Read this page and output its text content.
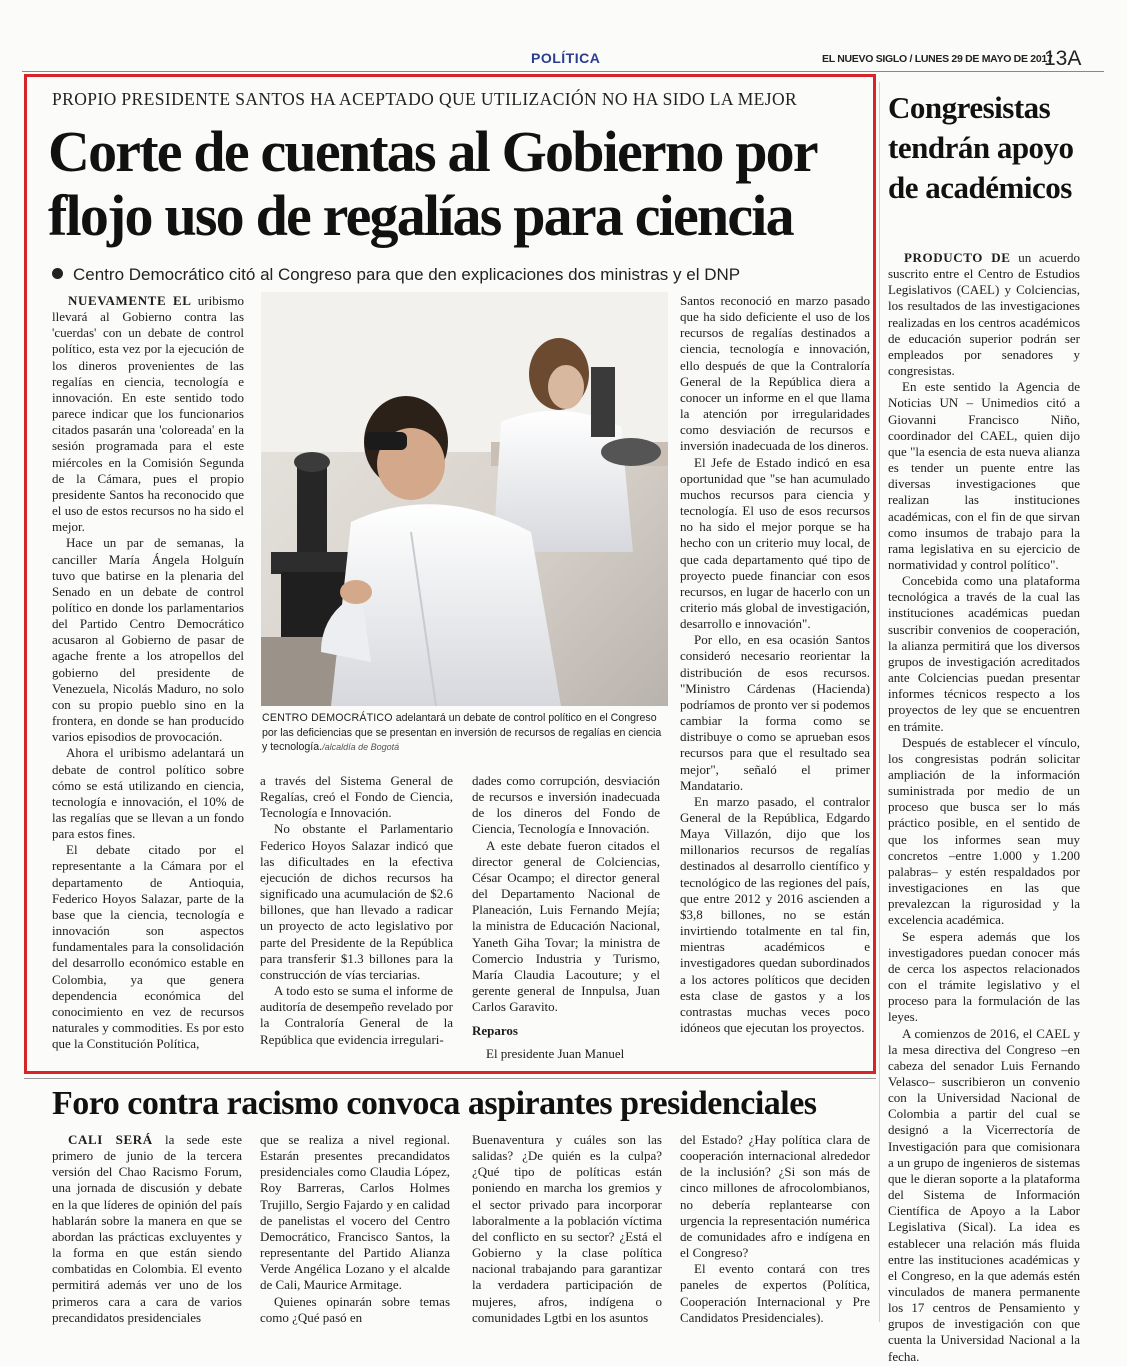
POLÍTICA	EL NUEVO SIGLO / LUNES 29 DE MAYO DE 2017
13A
PROPIO PRESIDENTE SANTOS HA ACEPTADO QUE UTILIZACIÓN NO HA SIDO LA MEJOR
Corte de cuentas al Gobierno por flojo uso de regalías para ciencia
Centro Democrático citó al Congreso para que den explicaciones dos ministras y el DNP

NUEVAMENTE EL uribismo llevará al Gobierno contra las 'cuerdas' con un debate de control político, esta vez por la ejecución de los dineros provenientes de las regalías en ciencia, tecnología e innovación. En este sentido todo parece indicar que los funcionarios citados pasarán una 'coloreada' en la sesión programada para el este miércoles en la Comisión Segunda de la Cámara, pues el propio presidente Santos ha reconocido que el uso de estos recursos no ha sido el mejor.

Hace un par de semanas, la canciller María Ángela Holguín tuvo que batirse en la plenaria del Senado en un debate de control político en donde los parlamentarios del Partido Centro Democrático acusaron al Gobierno de pasar de agache frente a los atropellos del gobierno del presidente de Venezuela, Nicolás Maduro, no solo con su propio pueblo sino en la frontera, en donde se han producido varios episodios de provocación.

Ahora el uribismo adelantará un debate de control político sobre cómo se está utilizando en ciencia, tecnología e innovación, el 10% de las regalías que se llevan a un fondo para estos fines.

El debate citado por el representante a la Cámara por el departamento de Antioquia, Federico Hoyos Salazar, parte de la base que la ciencia, tecnología e innovación son aspectos fundamentales para la consolidación del desarrollo económico estable en Colombia, ya que genera dependencia económica del conocimiento en vez de recursos naturales y commodities. Es por esto que la Constitución Política,

CENTRO DEMOCRÁTICO adelantará un debate de control político en el Congreso por las deficiencias que se presentan en inversión de recursos de regalías en ciencia y tecnología./alcaldía de Bogotá

a través del Sistema General de Regalías, creó el Fondo de Ciencia, Tecnología e Innovación.

No obstante el Parlamentario Federico Hoyos Salazar indicó que las dificultades en la efectiva ejecución de dichos recursos ha significado una acumulación de $2.6 billones, que han llevado a radicar un proyecto de acto legislativo por parte del Presidente de la República para transferir $1.3 billones para la construcción de vías terciarias.

A todo esto se suma el informe de auditoría de desempeño revelado por la Contraloría General de la República que evidencia irregulari-

dades como corrupción, desviación de recursos e inversión inadecuada de los dineros del Fondo de Ciencia, Tecnología e Innovación.

A este debate fueron citados el director general de Colciencias, César Ocampo; el director general del Departamento Nacional de Planeación, Luis Fernando Mejía; la ministra de Educación Nacional, Yaneth Giha Tovar; la ministra de Comercio Industria y Turismo, María Claudia Lacouture; y el gerente general de Innpulsa, Juan Carlos Garavito.

Reparos

El presidente Juan Manuel

Santos reconoció en marzo pasado que ha sido deficiente el uso de los recursos de regalías destinados a ciencia, tecnología e innovación, ello después de que la Contraloría General de la República diera a conocer un informe en el que llama la atención por irregularidades como desviación de recursos e inversión inadecuada de los dineros.

El Jefe de Estado indicó en esa oportunidad que "se han acumulado muchos recursos para ciencia y tecnología. El uso de esos recursos no ha sido el mejor porque se ha hecho con un criterio muy local, de que cada departamento qué tipo de proyecto puede financiar con esos recursos, en lugar de hacerlo con un criterio más global de investigación, desarrollo e innovación".

Por ello, en esa ocasión Santos consideró necesario reorientar la distribución de esos recursos. "Ministro Cárdenas (Hacienda) podríamos de pronto ver si podemos cambiar la forma como se distribuye o como se aprueban esos recursos para que el resultado sea mejor", señaló el primer Mandatario.

En marzo pasado, el contralor General de la República, Edgardo Maya Villazón, dijo que los millonarios recursos de regalías destinados al desarrollo científico y tecnológico de las regiones del país, que entre 2012 y 2016 ascienden a $3,8 billones, no se están invirtiendo totalmente en tal fin, mientras académicos e investigadores quedan subordinados a los actores políticos que deciden esta clase de gastos y a los contrastas muchas veces poco idóneos que ejecutan los proyectos.

Congresistas tendrán apoyo de académicos

PRODUCTO DE un acuerdo suscrito entre el Centro de Estudios Legislativos (CAEL) y Colciencias, los resultados de las investigaciones realizadas en los centros académicos de educación superior podrán ser empleados por senadores y congresistas.

En este sentido la Agencia de Noticias UN – Unimedios citó a Giovanni Francisco Niño, coordinador del CAEL, quien dijo que "la esencia de esta nueva alianza es tender un puente entre las diversas investigaciones que realizan las instituciones académicas, con el fin de que sirvan como insumos de trabajo para la rama legislativa en su ejercicio de normatividad y control político".

Concebida como una plataforma tecnológica a través de la cual las instituciones académicas puedan suscribir convenios de cooperación, la alianza permitirá que los diversos grupos de investigación acreditados ante Colciencias puedan presentar informes técnicos respecto a los proyectos de ley que se encuentren en trámite.

Después de establecer el vínculo, los congresistas podrán solicitar ampliación de la información suministrada por medio de un proceso que busca ser lo más práctico posible, en el sentido de que los informes sean muy concretos –entre 1.000 y 1.200 palabras– y estén respaldados por investigaciones en las que prevalezcan la rigurosidad y la excelencia académica.

Se espera además que los investigadores puedan conocer más de cerca los aspectos relacionados con el trámite legislativo y el proceso para la formulación de las leyes.

A comienzos de 2016, el CAEL y la mesa directiva del Congreso –en cabeza del senador Luis Fernando Velasco– suscribieron un convenio con la Universidad Nacional de Colombia a partir del cual se designó a la Vicerrectoría de Investigación para que comisionara a un grupo de ingenieros de sistemas que le dieran soporte a la plataforma del Sistema de Información Científica de Apoyo a la Labor Legislativa (Sical). La idea es establecer una relación más fluida entre las instituciones académicas y el Congreso, en la que además estén vinculados de manera permanente los 17 centros de Pensamiento y grupos de investigación con que cuenta la Universidad Nacional a la fecha.

Foro contra racismo convoca aspirantes presidenciales

CALI SERÁ la sede este primero de junio de la tercera versión del Chao Racismo Forum, una jornada de discusión y debate en la que líderes de opinión del país hablarán sobre la manera en que se abordan las prácticas excluyentes y la forma en que están siendo combatidas en Colombia. El evento permitirá además ver uno de los primeros cara a cara de varios precandidatos presidenciales

que se realiza a nivel regional. Estarán presentes precandidatos presidenciales como Claudia López, Roy Barreras, Carlos Holmes Trujillo, Sergio Fajardo y en calidad de panelistas el vocero del Centro Democrático, Francisco Santos, la representante del Partido Alianza Verde Angélica Lozano y el alcalde de Cali, Maurice Armitage.

Quienes opinarán sobre temas como ¿Qué pasó en

Buenaventura y cuáles son las salidas? ¿De quién es la culpa? ¿Qué tipo de políticas están poniendo en marcha los gremios y el sector privado para incorporar laboralmente a la población víctima del conflicto en su sector? ¿Está el Gobierno y la clase política nacional trabajando para garantizar la verdadera participación de mujeres, afros, indígena o comunidades Lgtbi en los asuntos

del Estado? ¿Hay política clara de cooperación internacional alrededor de la inclusión? ¿Si son más de cinco millones de afrocolombianos, no debería replantearse con urgencia la representación numérica de comunidades afro e indígena en el Congreso?

El evento contará con tres paneles de expertos (Política, Cooperación Internacional y Pre Candidatos Presidenciales).
